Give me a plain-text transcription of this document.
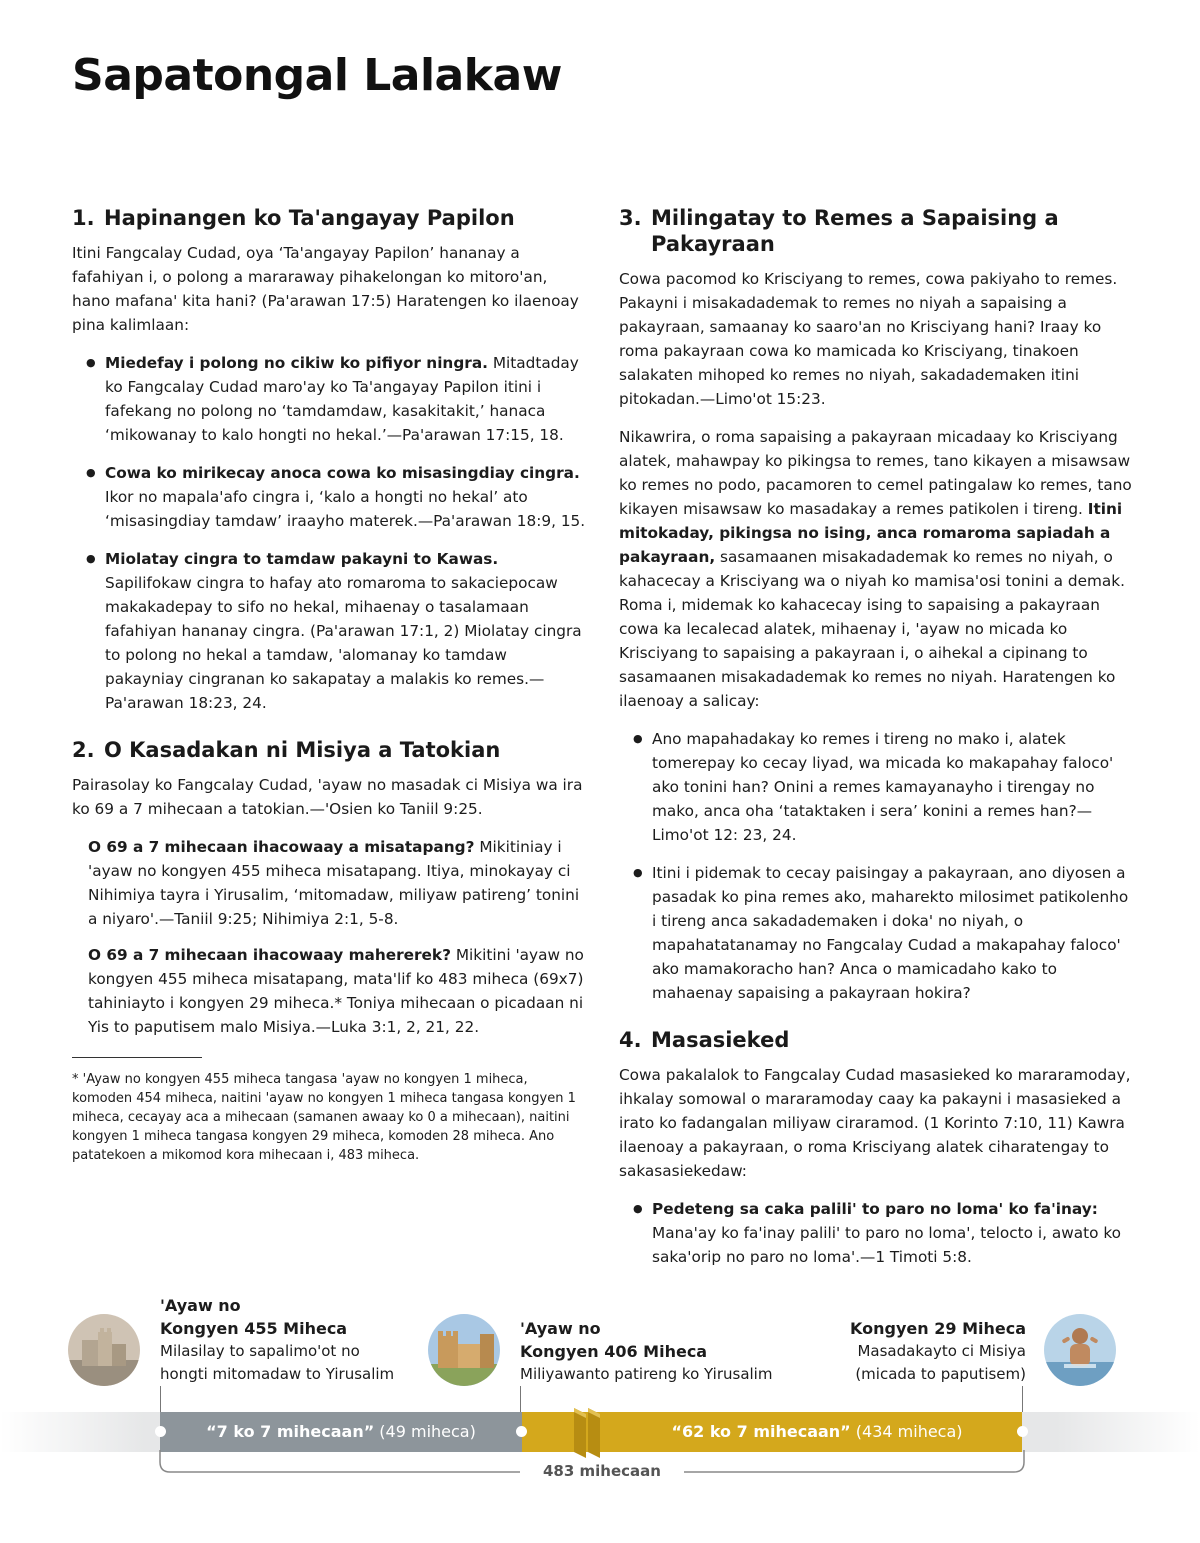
Sapatongal Lalakaw
1. Hapinangen ko Ta'angayay Papilon

Itini Fangcalay Cudad, oya ‘Ta'angayay Papilon’ hananay a fafahiyan i, o polong a mararaway pihakelongan ko mitoro'an, hano mafana' kita hani? (Pa'arawan 17:5) Haratengen ko ilaenoay pina kalimlaan:

● Miedefay i polong no cikiw ko pifiyor ningra. Mitadtaday ko Fangcalay Cudad maro'ay ko Ta'angayay Papilon itini i fafekang no polong no ‘tamdamdaw, kasakitakit,’ hanaca ‘mikowanay to kalo hongti no hekal.’—Pa'arawan 17:15, 18.
● Cowa ko mirikecay anoca cowa ko misasingdiay cingra. Ikor no mapala'afo cingra i, ‘kalo a hongti no hekal’ ato ‘misasingdiay tamdaw’ iraayho materek.—Pa'arawan 18:9, 15.
● Miolatay cingra to tamdaw pakayni to Kawas. Sapilifokaw cingra to hafay ato romaroma to sakaciepocaw makakadepay to sifo no hekal, mihaenay o tasalamaan fafahiyan hananay cingra. (Pa'arawan 17:1, 2) Miolatay cingra to polong no hekal a tamdaw, 'alomanay ko tamdaw pakayniay cingranan ko sakapatay a malakis ko remes.—Pa'arawan 18:23, 24.
2. O Kasadakan ni Misiya a Tatokian

Pairasolay ko Fangcalay Cudad, 'ayaw no masadak ci Misiya wa ira ko 69 a 7 mihecaan a tatokian.—'Osien ko Taniil 9:25.

O 69 a 7 mihecaan ihacowaay a misatapang? Mikitiniay i 'ayaw no kongyen 455 miheca misatapang. Itiya, minokayay ci Nihimiya tayra i Yirusalim, ‘mitomadaw, miliyaw patireng’ tonini a niyaro'.—Taniil 9:25; Nihimiya 2:1, 5-8.

O 69 a 7 mihecaan ihacowaay mahererek? Mikitini 'ayaw no kongyen 455 miheca misatapang, mata'lif ko 483 miheca (69x7) tahiniayto i kongyen 29 miheca.* Toniya mihecaan o picadaan ni Yis to paputisem malo Misiya.—Luka 3:1, 2, 21, 22.

* 'Ayaw no kongyen 455 miheca tangasa 'ayaw no kongyen 1 miheca, komoden 454 miheca, naitini 'ayaw no kongyen 1 miheca tangasa kongyen 1 miheca, cecayay aca a mihecaan (samanen awaay ko 0 a mihecaan), naitini kongyen 1 miheca tangasa kongyen 29 miheca, komoden 28 miheca. Ano patatekoen a mikomod kora mihecaan i, 483 miheca.

3. Milingatay to Remes a Sapaising a Pakayraan

Cowa pacomod ko Krisciyang to remes, cowa pakiyaho to remes. Pakayni i misakadademak to remes no niyah a sapaising a pakayraan, samaanay ko saaro'an no Krisciyang hani? Iraay ko roma pakayraan cowa ko mamicada ko Krisciyang, tinakoen salakaten mihoped ko remes no niyah, sakadademaken itini pitokadan.—Limo'ot 15:23.

Nikawrira, o roma sapaising a pakayraan micadaay ko Krisciyang alatek, mahawpay ko pikingsa to remes, tano kikayen a misawsaw ko remes no podo, pacamoren to cemel patingalaw ko remes, tano kikayen misawsaw ko masadakay a remes patikolen i tireng. Itini mitokaday, pikingsa no ising, anca romaroma sapiadah a pakayraan, sasamaanen misakadademak ko remes no niyah, o kahacecay a Krisciyang wa o niyah ko mamisa'osi tonini a demak. Roma i, midemak ko kahacecay ising to sapaising a pakayraan cowa ka lecalecad alatek, mihaenay i, 'ayaw no micada ko Krisciyang to sapaising a pakayraan i, o aihekal a cipinang to sasamaanen misakadademak ko remes no niyah. Haratengen ko ilaenoay a salicay:

● Ano mapahadakay ko remes i tireng no mako i, alatek tomerepay ko cecay liyad, wa micada ko makapahay faloco' ako tonini han? Onini a remes kamayanayho i tirengay no mako, anca oha ‘tataktaken i sera’ konini a remes han?—Limo'ot 12: 23, 24.
● Itini i pidemak to cecay paisingay a pakayraan, ano diyosen a pasadak ko pina remes ako, maharekto milosimet patikolenho i tireng anca sakadademaken i doka' no niyah, o mapahatatanamay no Fangcalay Cudad a makapahay faloco' ako mamakoracho han? Anca o mamicadaho kako to mahaenay sapaising a pakayraan hokira?
4. Masasieked

Cowa pakalalok to Fangcalay Cudad masasieked ko mararamoday, ihkalay somowal o mararamoday caay ka pakayni i masasieked a irato ko fadangalan miliyaw ciraramod. (1 Korinto 7:10, 11) Kawra ilaenoay a pakayraan, o roma Krisciyang alatek ciharatengay to sakasasiekedaw:

● Pedeteng sa caka palili' to paro no loma' ko fa'inay: Mana'ay ko fa'inay palili' to paro no loma', telocto i, awato ko saka'orip no paro no loma'.—1 Timoti 5:8.
'Ayaw no
Kongyen 455 Miheca
Milasilay to sapalimo'ot no
hongti mitomadaw to Yirusalim
'Ayaw no
Kongyen 406 Miheca
Miliyawanto patireng ko Yirusalim
Kongyen 29 Miheca
Masadakayto ci Misiya
(micada to paputisem)
“7 ko 7 mihecaan” (49 miheca)	“62 ko 7 mihecaan” (434 miheca)
483 mihecaan
